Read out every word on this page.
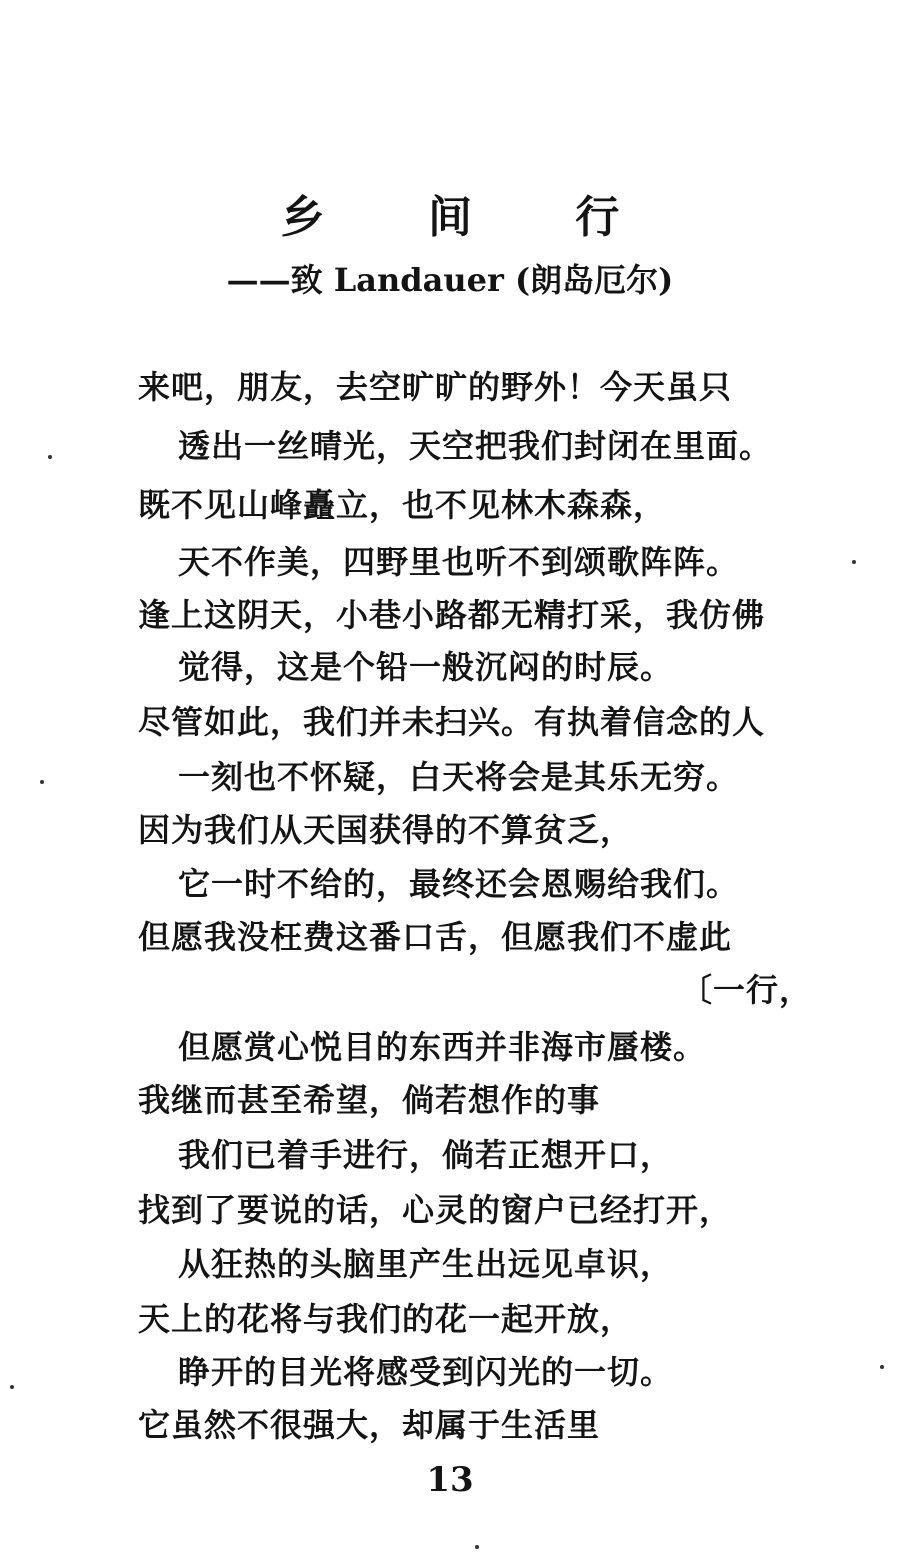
乡 间 行
——致 Landauer (朗岛厄尔)
来吧，朋友，去空旷旷的野外！今天虽只
透出一丝晴光，天空把我们封闭在里面。
既不见山峰矗立，也不见林木森森，
天不作美，四野里也听不到颂歌阵阵。
逢上这阴天，小巷小路都无精打采，我仿佛
觉得，这是个铅一般沉闷的时辰。
尽管如此，我们并未扫兴。有执着信念的人
一刻也不怀疑，白天将会是其乐无穷。
因为我们从天国获得的不算贫乏，
它一时不给的，最终还会恩赐给我们。
但愿我没枉费这番口舌，但愿我们不虚此
〔一行，
但愿赏心悦目的东西并非海市蜃楼。
我继而甚至希望，倘若想作的事
我们已着手进行，倘若正想开口，
找到了要说的话，心灵的窗户已经打开，
从狂热的头脑里产生出远见卓识，
天上的花将与我们的花一起开放，
睁开的目光将感受到闪光的一切。
它虽然不很强大，却属于生活里
13
